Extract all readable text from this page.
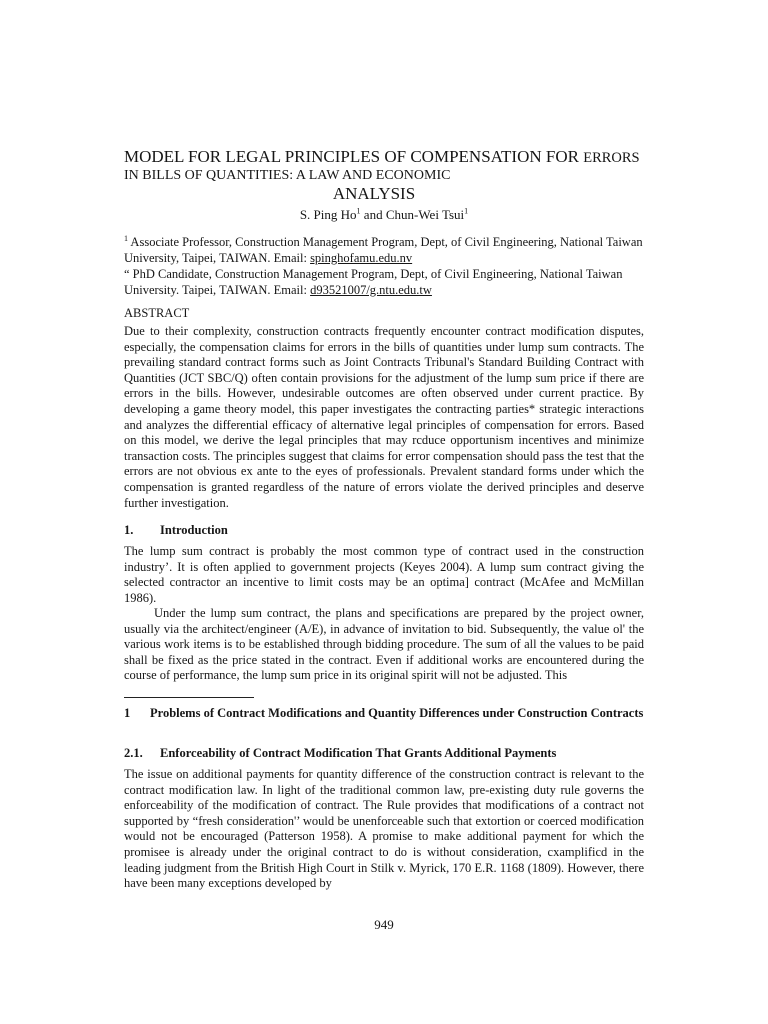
MODEL FOR LEGAL PRINCIPLES OF COMPENSATION FOR ERRORS
IN BILLS OF QUANTITIES: A LAW AND ECONOMIC
ANALYSIS
S. Ping Ho$^1$ and Chun-Wei Tsui$^1$
$^1$ Associate Professor, Construction Management Program, Dept, of Civil Engineering, National Taiwan University, Taipei, TAIWAN. Email: spinghofamu.edu.nv
“ PhD Candidate, Construction Management Program, Dept, of Civil Engineering, National Taiwan University. Taipei, TAIWAN. Email: d93521007/g.ntu.edu.tw
ABSTRACT
Due to their complexity, construction contracts frequently encounter contract modification disputes, especially, the compensation claims for errors in the bills of quantities under lump sum contracts. The prevailing standard contract forms such as Joint Contracts Tribunal's Standard Building Contract with Quantities (JCT SBC/Q) often contain provisions for the adjustment of the lump sum price if there are errors in the bills. However, undesirable outcomes are often observed under current practice. By developing a game theory model, this paper investigates the contracting parties* strategic interactions and analyzes the differential efficacy of alternative legal principles of compensation for errors. Based on this model, we derive the legal principles that may rcduce opportunism incentives and minimize transaction costs. The principles suggest that claims for error compensation should pass the test that the errors are not obvious ex ante to the eyes of professionals. Prevalent standard forms under which the compensation is granted regardless of the nature of errors violate the derived principles and deserve further investigation.
1. Introduction
The lump sum contract is probably the most common type of contract used in the construction industry’. It is often applied to government projects (Keyes 2004). A lump sum contract giving the selected contractor an incentive to limit costs may be an optima] contract (McAfee and McMillan 1986).
Under the lump sum contract, the plans and specifications are prepared by the project owner, usually via the architect/engineer (A/E), in advance of invitation to bid. Subsequently, the value ol' the various work items is to be established through bidding procedure. The sum of all the values to be paid shall be fixed as the price stated in the contract. Even if additional works are encountered during the course of performance, the lump sum price in its original spirit will not be adjusted. This
1	Problems of Contract Modifications and Quantity Differences under Construction Contracts
2.1. Enforceability of Contract Modification That Grants Additional Payments
The issue on additional payments for quantity difference of the construction contract is relevant to the contract modification law. In light of the traditional common law, pre-existing duty rule governs the enforceability of the modification of contract. The Rule provides that modifications of a contract not supported by “fresh consideration'’ would be unenforceable such that extortion or coerced modification would not be encouraged (Patterson 1958). A promise to make additional payment for which the promisee is already under the original contract to do is without consideration, cxamplificd in the leading judgment from the British High Court in Stilk v. Myrick, 170 E.R. 1168 (1809). However, there have been many exceptions developed by
949
